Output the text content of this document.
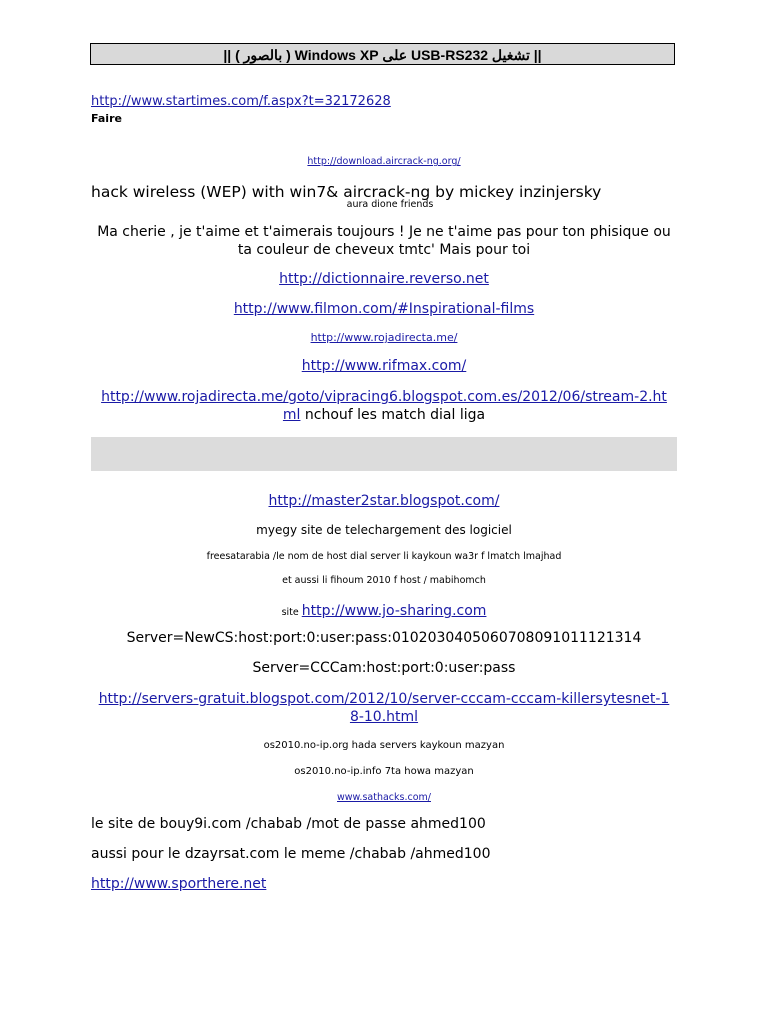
|| تشغيل USB-RS232 على Windows XP ( بالصور ) ||
http://www.startimes.com/f.aspx?t=32172628
Faire
http://download.aircrack-ng.org/
hack wireless (WEP) with win7& aircrack-ng by mickey inzinjersky
aura dione friends
Ma cherie , je t'aime et t'aimerais toujours ! Je ne t'aime pas pour ton phisique ou ta couleur de cheveux tmtc' Mais pour toi
http://dictionnaire.reverso.net
http://www.filmon.com/#Inspirational-films
http://www.rojadirecta.me/
http://www.rifmax.com/
http://www.rojadirecta.me/goto/vipracing6.blogspot.com.es/2012/06/stream-2.html nchouf les match dial liga
http://master2star.blogspot.com/
myegy site de telechargement des logiciel
freesatarabia /le nom de host dial server li kaykoun wa3r f lmatch lmajhad
et aussi li fihoum 2010 f host / mabihomch
site http://www.jo-sharing.com
Server=NewCS:host:port:0:user:pass:0102030405060708091011121314
Server=CCCam:host:port:0:user:pass
http://servers-gratuit.blogspot.com/2012/10/server-cccam-cccam-killersytesnet-18-10.html
os2010.no-ip.org hada servers kaykoun mazyan
os2010.no-ip.info 7ta howa mazyan
www.sathacks.com/
le site de bouy9i.com /chabab /mot de passe ahmed100
aussi pour le dzayrsat.com le meme /chabab /ahmed100
http://www.sporthere.net
